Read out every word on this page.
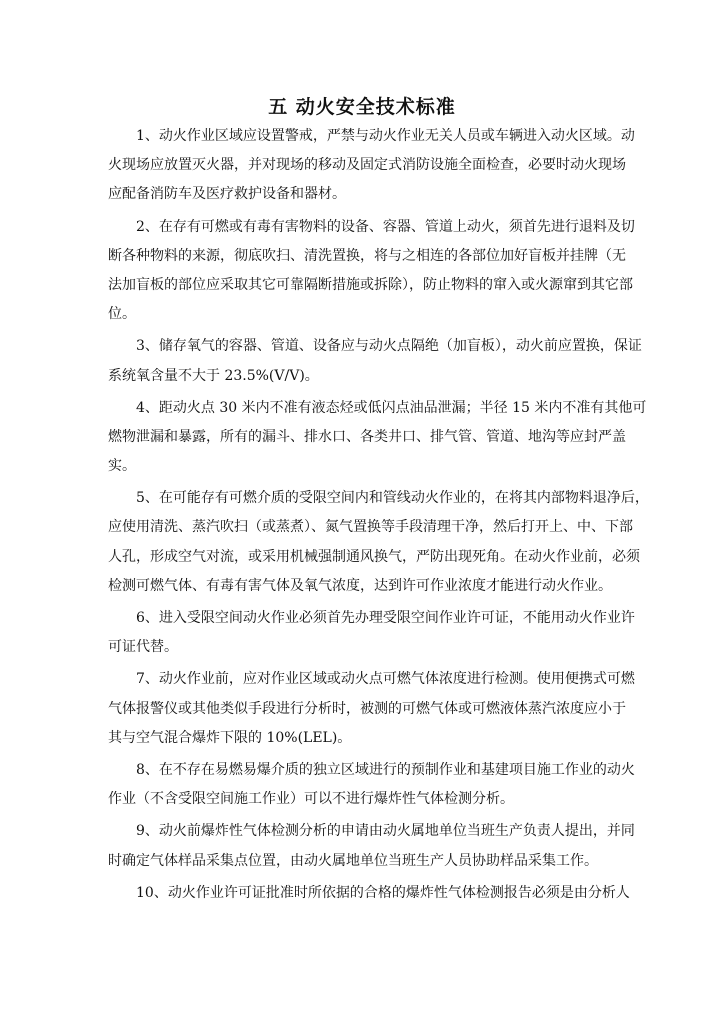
五 动火安全技术标准
1、动火作业区域应设置警戒，严禁与动火作业无关人员或车辆进入动火区域。动
火现场应放置灭火器，并对现场的移动及固定式消防设施全面检查，必要时动火现场
应配备消防车及医疗救护设备和器材。
2、在存有可燃或有毒有害物料的设备、容器、管道上动火，须首先进行退料及切
断各种物料的来源，彻底吹扫、清洗置换，将与之相连的各部位加好盲板并挂牌（无
法加盲板的部位应采取其它可靠隔断措施或拆除），防止物料的窜入或火源窜到其它部
位。
3、储存氧气的容器、管道、设备应与动火点隔绝（加盲板），动火前应置换，保证
系统氧含量不大于 23.5%(V/V)。
4、距动火点 30 米内不准有液态烃或低闪点油品泄漏；半径 15 米内不准有其他可
燃物泄漏和暴露，所有的漏斗、排水口、各类井口、排气管、管道、地沟等应封严盖
实。
5、在可能存有可燃介质的受限空间内和管线动火作业的，在将其内部物料退净后，
应使用清洗、蒸汽吹扫（或蒸煮）、氮气置换等手段清理干净，然后打开上、中、下部
人孔，形成空气对流，或采用机械强制通风换气，严防出现死角。在动火作业前，必须
检测可燃气体、有毒有害气体及氧气浓度，达到许可作业浓度才能进行动火作业。
6、进入受限空间动火作业必须首先办理受限空间作业许可证，不能用动火作业许
可证代替。
7、动火作业前，应对作业区域或动火点可燃气体浓度进行检测。使用便携式可燃
气体报警仪或其他类似手段进行分析时，被测的可燃气体或可燃液体蒸汽浓度应小于
其与空气混合爆炸下限的 10%(LEL)。
8、在不存在易燃易爆介质的独立区域进行的预制作业和基建项目施工作业的动火
作业（不含受限空间施工作业）可以不进行爆炸性气体检测分析。
9、动火前爆炸性气体检测分析的申请由动火属地单位当班生产负责人提出，并同
时确定气体样品采集点位置，由动火属地单位当班生产人员协助样品采集工作。
10、动火作业许可证批准时所依据的合格的爆炸性气体检测报告必须是由分析人
